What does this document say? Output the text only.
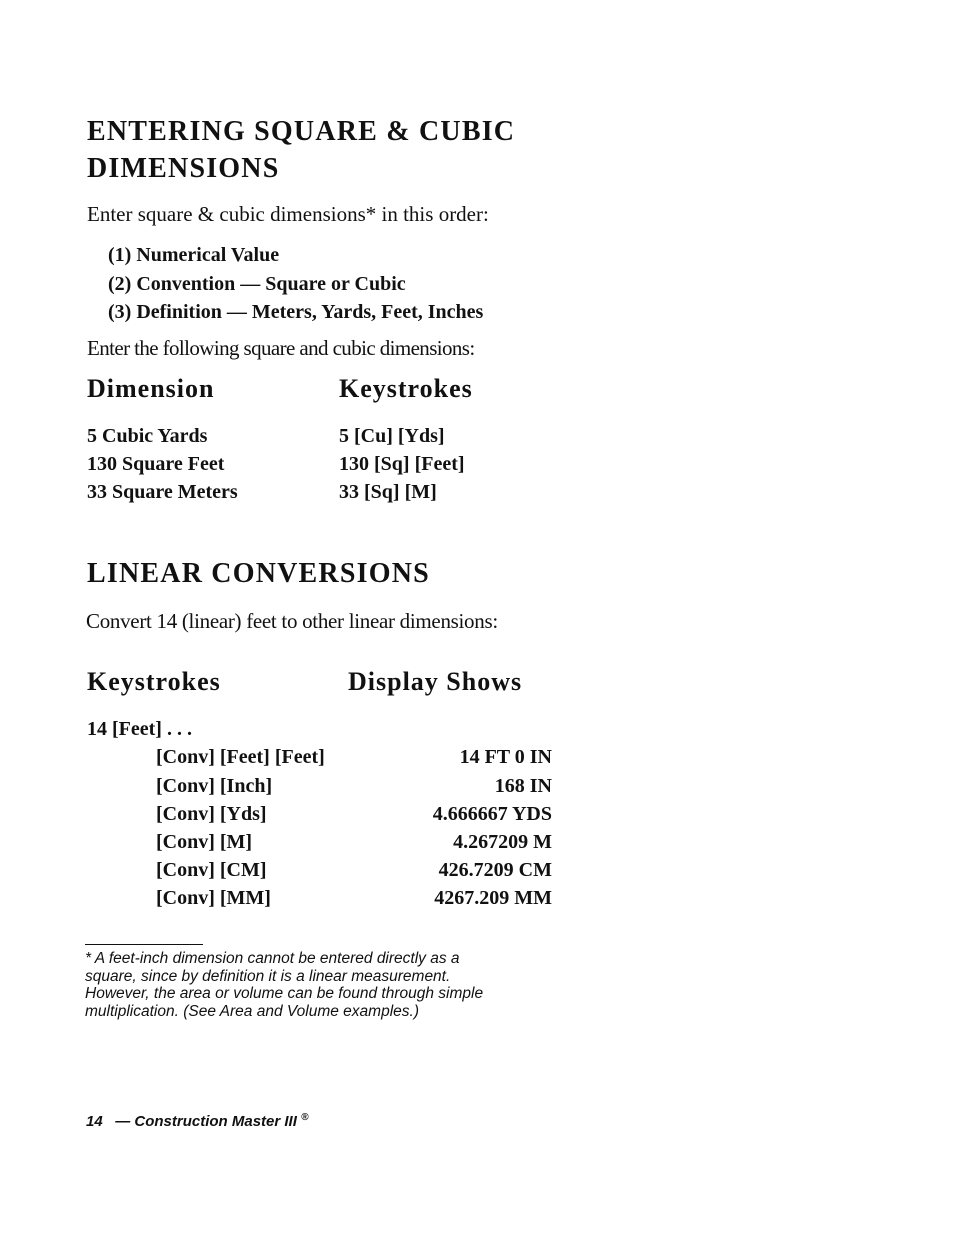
ENTERING SQUARE & CUBIC
DIMENSIONS
Enter square & cubic dimensions* in this order:
(1) Numerical Value
(2) Convention — Square or Cubic
(3) Definition — Meters, Yards, Feet, Inches
Enter the following square and cubic dimensions:
Dimension	Keystrokes
5 Cubic Yards	5 [Cu] [Yds]
130 Square Feet	130 [Sq] [Feet]
33 Square Meters	33 [Sq] [M]
LINEAR CONVERSIONS
Convert 14 (linear) feet to other linear dimensions:
Keystrokes	Display Shows
14 [Feet] . . .
[Conv] [Feet] [Feet]	14 FT 0 IN
[Conv] [Inch]	168 IN
[Conv] [Yds]	4.666667 YDS
[Conv] [M]	4.267209 M
[Conv] [CM]	426.7209 CM
[Conv] [MM]	4267.209 MM
* A feet-inch dimension cannot be entered directly as a
square, since by definition it is a linear measurement.
However, the area or volume can be found through simple
multiplication. (See Area and Volume examples.)
14 — Construction Master III ®
